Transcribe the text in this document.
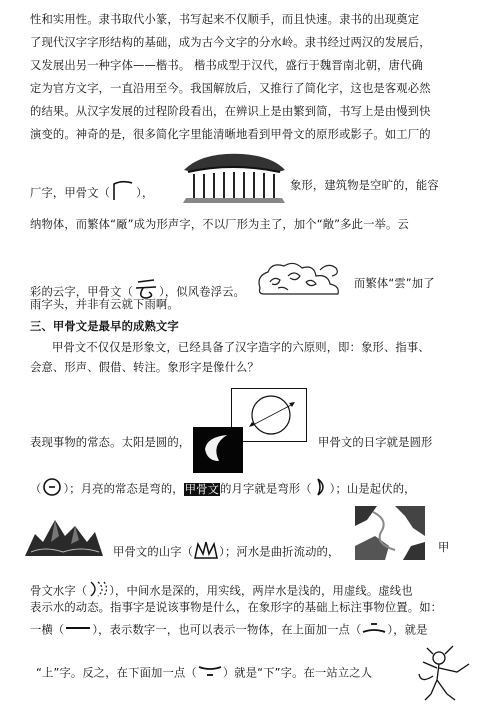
性和实用性。隶书取代小篆，书写起来不仅顺手，而且快速。隶书的出现奠定
了现代汉字字形结构的基础，成为古今文字的分水岭。隶书经过两汉的发展后，
又发展出另一种字体——楷书。 楷书成型于汉代，盛行于魏晋南北朝，唐代确
定为官方文字，一直沿用至今。我国解放后，又推行了简化字，这也是客观必然
的结果。从汉字发展的过程阶段看出，在辨识上是由繁到简，书写上是由慢到快
演变的。神奇的是，很多简化字里能清晰地看到甲骨文的原形或影子。如工厂的
厂字，甲骨文（ ），
象形，建筑物是空旷的，能容
纳物体，而繁体“厰”成为形声字，不以厂形为主了，加个“敞”多此一举。云
彩的云字，甲骨文（ ），似风卷浮云。
而繁体“雲”加了
雨字头，并非有云就下雨啊。
三、甲骨文是最早的成熟文字
甲骨文不仅仅是形象文，已经具备了汉字造字的六原则，即：象形、指事、
会意、形声、假借、转注。象形字是像什么？
表现事物的常态。太阳是圆的，	甲骨文的日字就是圆形
（ ）；月亮的常态是弯的，甲骨文的月字就是弯形（ ）；山是起伏的，
甲骨文的山字（ ）；河水是曲折流动的，	甲
骨文水字（ ），中间水是深的，用实线，两岸水是浅的，用虚线。虚线也
表示水的动态。指事字是说该事物是什么，在象形字的基础上标注事物位置。如：
一横（ ），表示数字一，也可以表示一物体，在上面加一点（ ），就是
“上”字。反之，在下面加一点（ ）就是“下”字。在一站立之人
